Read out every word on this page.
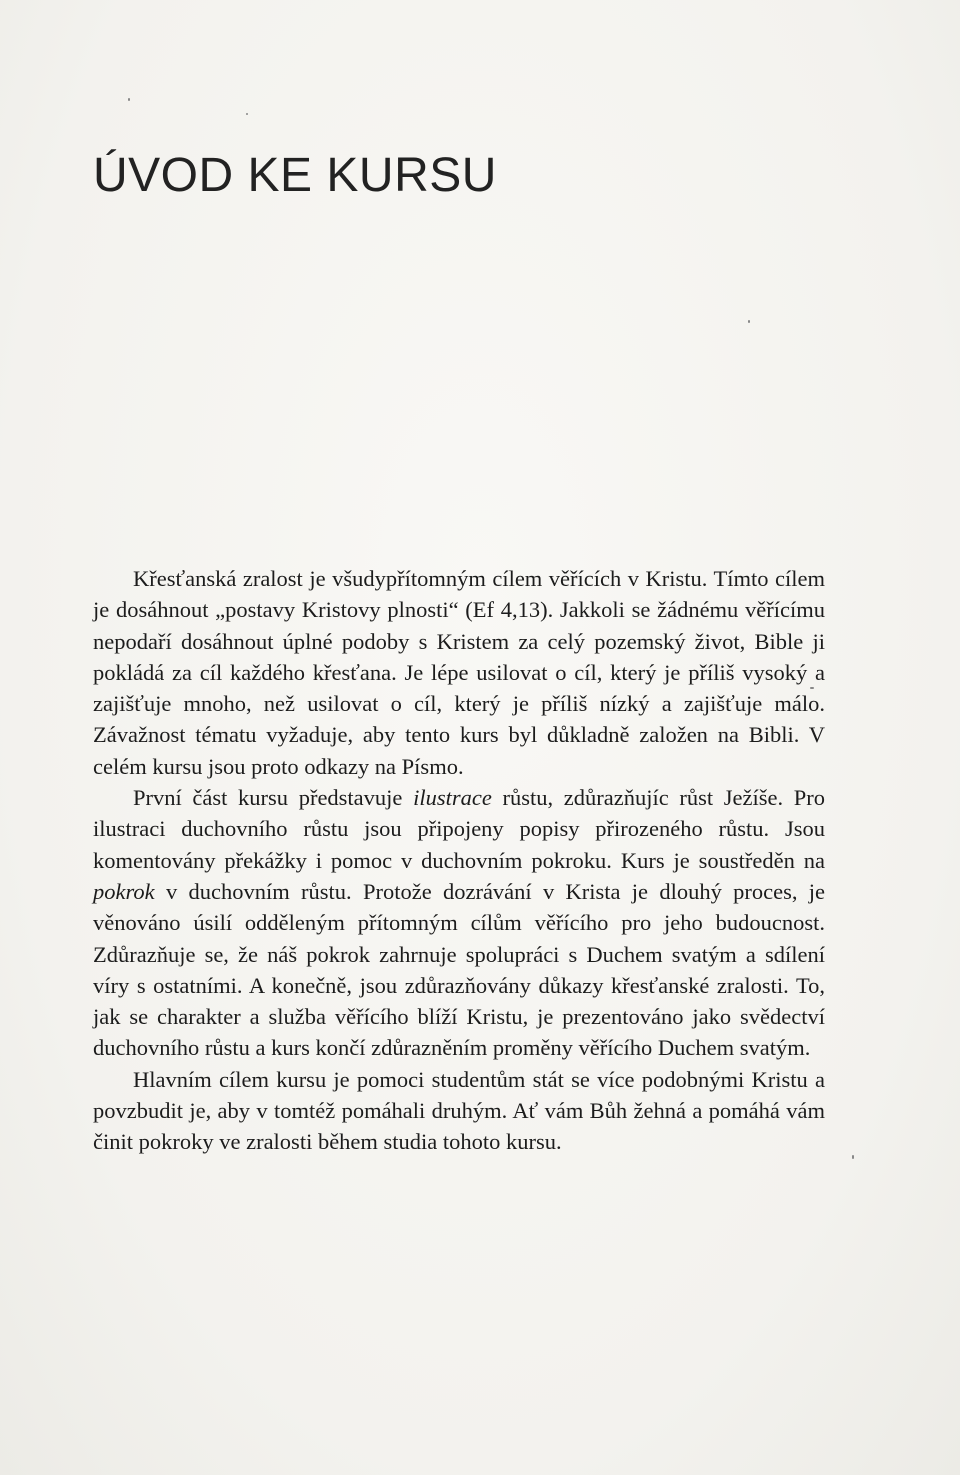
ÚVOD KE KURSU

Křesťanská zralost je všudypřítomným cílem věřících v Kristu. Tímto cílem je dosáhnout „postavy Kristovy plnosti“ (Ef 4,13). Jakkoli se žádnému věřícímu nepodaří dosáhnout úplné podoby s Kristem za celý pozemský život, Bible ji pokládá za cíl každého křesťana. Je lépe usilovat o cíl, který je příliš vysoký a zajišťuje mnoho, než usilovat o cíl, který je příliš nízký a zajišťuje málo. Závažnost tématu vyžaduje, aby tento kurs byl důkladně založen na Bibli. V celém kursu jsou proto odkazy na Písmo.

První část kursu představuje ilustrace růstu, zdůrazňujíc růst Ježíše. Pro ilustraci duchovního růstu jsou připojeny popisy přirozeného růstu. Jsou komentovány překážky i pomoc v duchovním pokroku. Kurs je soustředěn na pokrok v duchovním růstu. Protože dozrávání v Krista je dlouhý proces, je věnováno úsilí odděleným přítomným cílům věřícího pro jeho budoucnost. Zdůrazňuje se, že náš pokrok zahrnuje spolupráci s Duchem svatým a sdílení víry s ostatními. A konečně, jsou zdůrazňovány důkazy křesťanské zralosti. To, jak se charakter a služba věřícího blíží Kristu, je prezentováno jako svědectví duchovního růstu a kurs končí zdůrazněním proměny věřícího Duchem svatým.

Hlavním cílem kursu je pomoci studentům stát se více podobnými Kristu a povzbudit je, aby v tomtéž pomáhali druhým. Ať vám Bůh žehná a pomáhá vám činit pokroky ve zralosti během studia tohoto kursu.
